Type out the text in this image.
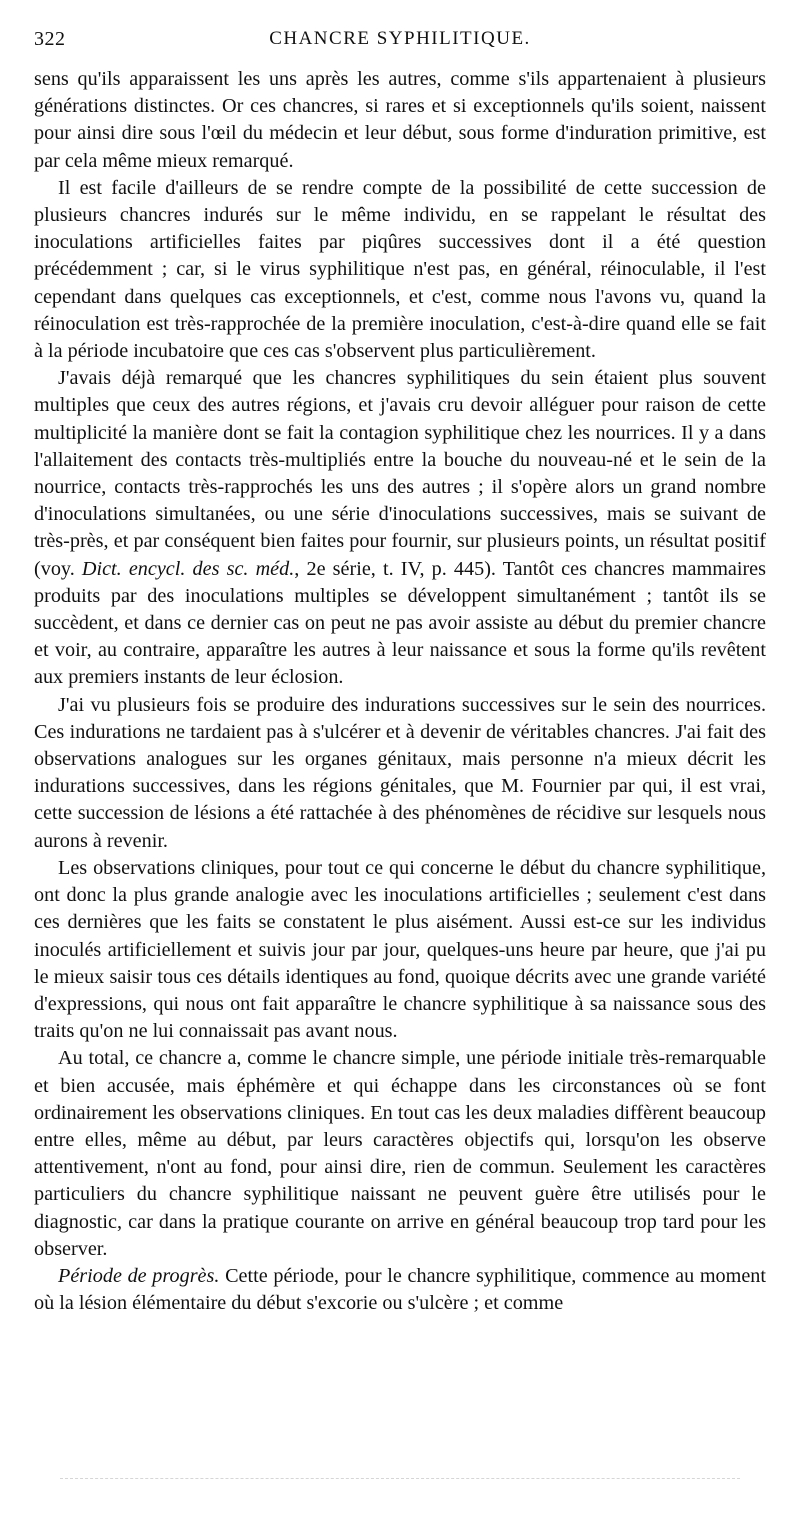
322	CHANCRE SYPHILITIQUE.

sens qu'ils apparaissent les uns après les autres, comme s'ils appartenaient à plusieurs générations distinctes. Or ces chancres, si rares et si exceptionnels qu'ils soient, naissent pour ainsi dire sous l'œil du médecin et leur début, sous forme d'induration primitive, est par cela même mieux remarqué.

Il est facile d'ailleurs de se rendre compte de la possibilité de cette succession de plusieurs chancres indurés sur le même individu, en se rappelant le résultat des inoculations artificielles faites par piqûres successives dont il a été question précédemment ; car, si le virus syphilitique n'est pas, en général, réinoculable, il l'est cependant dans quelques cas exceptionnels, et c'est, comme nous l'avons vu, quand la réinoculation est très-rapprochée de la première inoculation, c'est-à-dire quand elle se fait à la période incubatoire que ces cas s'observent plus particulièrement.

J'avais déjà remarqué que les chancres syphilitiques du sein étaient plus souvent multiples que ceux des autres régions, et j'avais cru devoir alléguer pour raison de cette multiplicité la manière dont se fait la contagion syphilitique chez les nourrices. Il y a dans l'allaitement des contacts très-multipliés entre la bouche du nouveau-né et le sein de la nourrice, contacts très-rapprochés les uns des autres ; il s'opère alors un grand nombre d'inoculations simultanées, ou une série d'inoculations successives, mais se suivant de très-près, et par conséquent bien faites pour fournir, sur plusieurs points, un résultat positif (voy. Dict. encycl. des sc. méd., 2e série, t. IV, p. 445). Tantôt ces chancres mammaires produits par des inoculations multiples se développent simultanément ; tantôt ils se succèdent, et dans ce dernier cas on peut ne pas avoir assiste au début du premier chancre et voir, au contraire, apparaître les autres à leur naissance et sous la forme qu'ils revêtent aux premiers instants de leur éclosion.

J'ai vu plusieurs fois se produire des indurations successives sur le sein des nourrices. Ces indurations ne tardaient pas à s'ulcérer et à devenir de véritables chancres. J'ai fait des observations analogues sur les organes génitaux, mais personne n'a mieux décrit les indurations successives, dans les régions génitales, que M. Fournier par qui, il est vrai, cette succession de lésions a été rattachée à des phénomènes de récidive sur lesquels nous aurons à revenir.

Les observations cliniques, pour tout ce qui concerne le début du chancre syphilitique, ont donc la plus grande analogie avec les inoculations artificielles ; seulement c'est dans ces dernières que les faits se constatent le plus aisément. Aussi est-ce sur les individus inoculés artificiellement et suivis jour par jour, quelques-uns heure par heure, que j'ai pu le mieux saisir tous ces détails identiques au fond, quoique décrits avec une grande variété d'expressions, qui nous ont fait apparaître le chancre syphilitique à sa naissance sous des traits qu'on ne lui connaissait pas avant nous.

Au total, ce chancre a, comme le chancre simple, une période initiale très-remarquable et bien accusée, mais éphémère et qui échappe dans les circonstances où se font ordinairement les observations cliniques. En tout cas les deux maladies diffèrent beaucoup entre elles, même au début, par leurs caractères objectifs qui, lorsqu'on les observe attentivement, n'ont au fond, pour ainsi dire, rien de commun. Seulement les caractères particuliers du chancre syphilitique naissant ne peuvent guère être utilisés pour le diagnostic, car dans la pratique courante on arrive en général beaucoup trop tard pour les observer.

Période de progrès. Cette période, pour le chancre syphilitique, commence au moment où la lésion élémentaire du début s'excorie ou s'ulcère ; et comme
